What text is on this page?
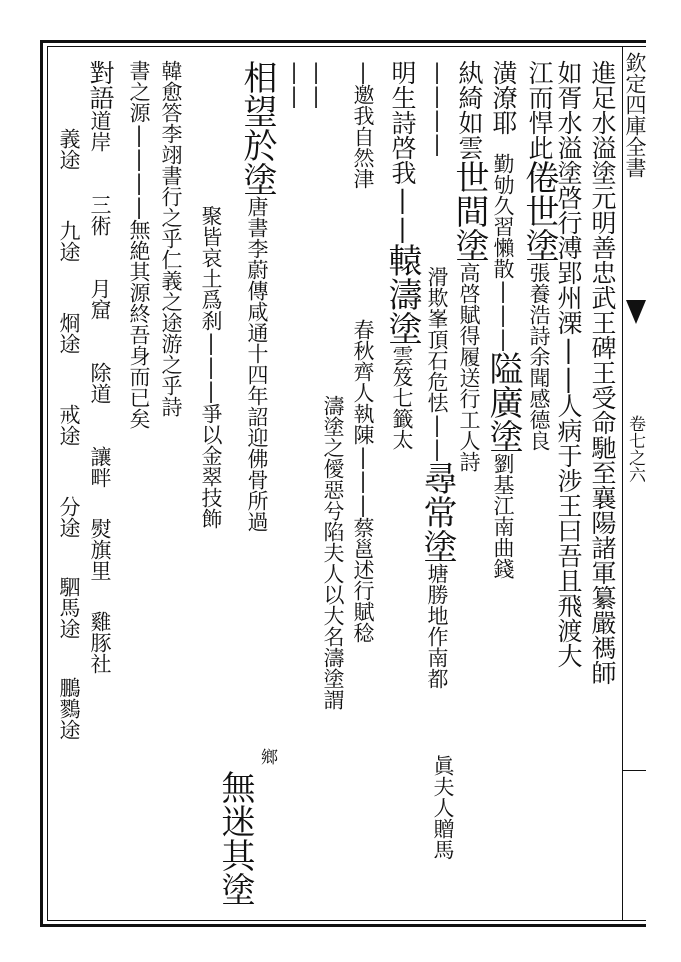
欽定四庫全書
卷七之六
進足水溢塗元明善忠武王碑王受命馳至襄陽諸軍纂嚴禡師
如胥水溢塗啓行溥郢州溧||人病于涉王曰吾且飛渡大
江而悍此倦世塗張養浩詩余聞感德良
潢潦耶勤劬久習懶散|||隘廣塗劉基江南曲錢
紈綺如雲世間塗高啓賦得履送行工人詩
||||滑欺峯頂石危怯||尋常塗塘勝地作南都
明生詩啓我||轅濤塗雲笈七籤太
|邀我自然津春秋齊人執陳|||蔡邕述行賦稔
濤塗之僾惡兮陷夫人以大名濤塗謂
眞夫人贈馬
||
||
相望於塗唐書李蔚傳咸通十四年詔迎佛骨所過
聚皆哀土爲刹|||爭以金翠技飾
鄉
無迷其塗
韓愈答李翊書行之乎仁義之途游之乎詩
書之源||||無絶其源終吾身而已矣
對語道岸三術月窟除道讓畔熨旗里雞豚社
義途九途烱途戒途分途駟馬途鵬鷚途
